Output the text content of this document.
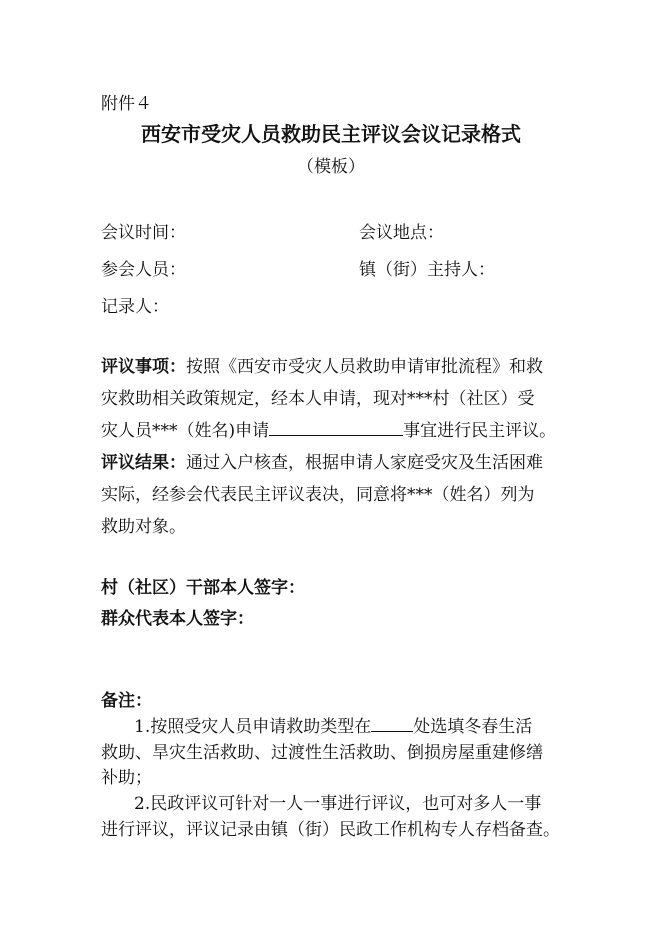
附件４
西安市受灾人员救助民主评议会议记录格式
（模板）
会议时间：	会议地点：
参会人员：	镇（街）主持人：
记录人：
评议事项：按照《西安市受灾人员救助申请审批流程》和救
灾救助相关政策规定，经本人申请，现对***村（社区）受
灾人员***（姓名)申请	事宜进行民主评议。
评议结果：通过入户核查，根据申请人家庭受灾及生活困难
实际，经参会代表民主评议表决，同意将***（姓名）列为
救助对象。
村（社区）干部本人签字：
群众代表本人签字：
备注：
1.按照受灾人员申请救助类型在 处选填冬春生活
救助、旱灾生活救助、过渡性生活救助、倒损房屋重建修缮
补助；
2.民政评议可针对一人一事进行评议，也可对多人一事
进行评议，评议记录由镇（街）民政工作机构专人存档备查。
